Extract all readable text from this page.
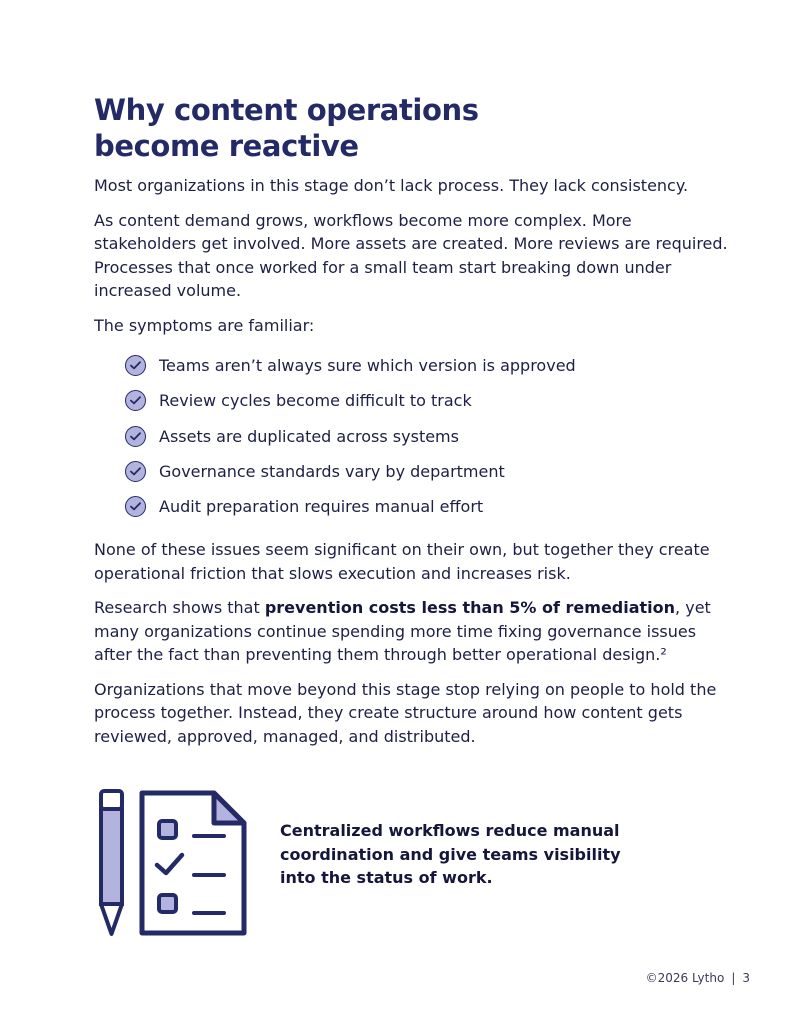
Why content operations
become reactive

Most organizations in this stage don’t lack process. They lack consistency.

As content demand grows, workflows become more complex. More stakeholders get involved. More assets are created. More reviews are required. Processes that once worked for a small team start breaking down under increased volume.

The symptoms are familiar:

Teams aren’t always sure which version is approved
Review cycles become difficult to track
Assets are duplicated across systems
Governance standards vary by department
Audit preparation requires manual effort

None of these issues seem significant on their own, but together they create operational friction that slows execution and increases risk.

Research shows that prevention costs less than 5% of remediation, yet many organizations continue spending more time fixing governance issues after the fact than preventing them through better operational design.²

Organizations that move beyond this stage stop relying on people to hold the process together. Instead, they create structure around how content gets reviewed, approved, managed, and distributed.

Centralized workflows reduce manual coordination and give teams visibility into the status of work.

©2026 Lytho | 3
